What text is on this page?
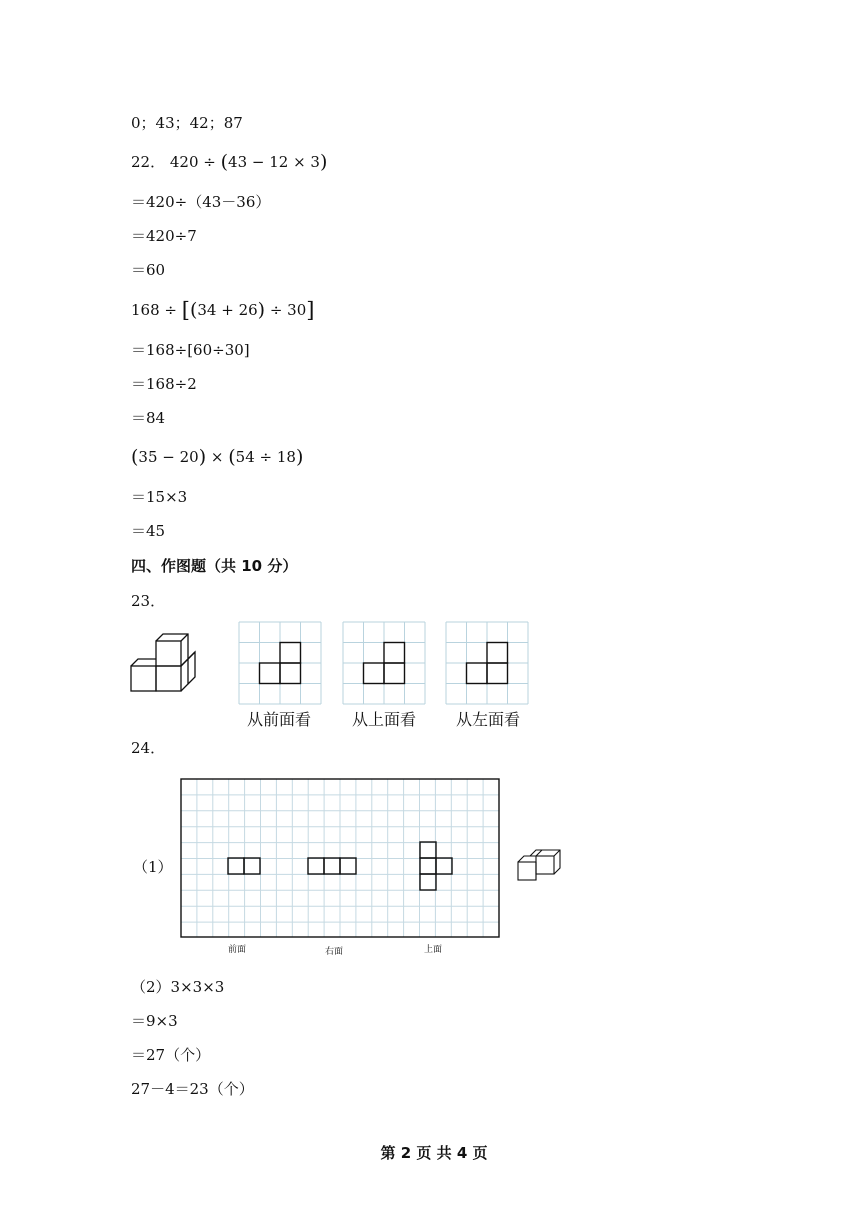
0；43；42；87
22． 420 ÷ (43 − 12 × 3)
＝420÷（43－36）
＝420÷7
＝60
168 ÷ [(34 + 26) ÷ 30]
＝168÷[60÷30]
＝168÷2
＝84
(35 − 20) × (54 ÷ 18)
＝15×3
＝45
四、作图题（共 10 分）
23．
从前面看	从上面看 从左面看
24．
（1）
前面	右面	上面
（2）3×3×3
＝9×3
＝27（个）
27－4＝23（个）
第 2 页 共 4 页
